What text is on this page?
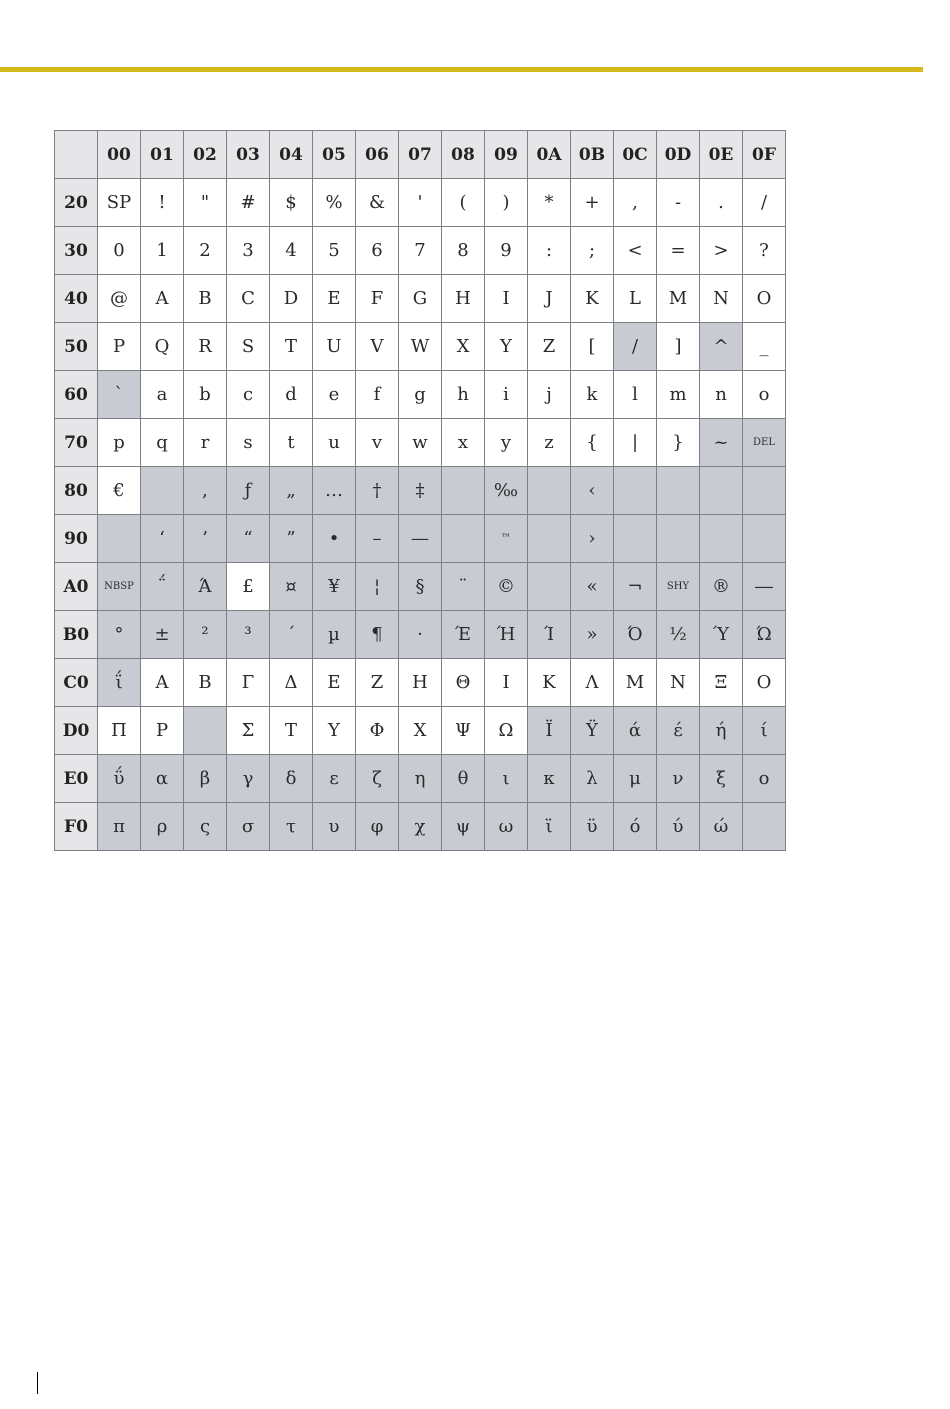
	00	01	02	03	04	05	06	07	08	09	0A	0B	0C	0D	0E	0F
20	SP	!	"	#	$	%	&	'	(	)	*	+	,	-	.	/
30	0	1	2	3	4	5	6	7	8	9	:	;	<	=	>	?
40	@	A	B	C	D	E	F	G	H	I	J	K	L	M	N	O
50	P	Q	R	S	T	U	V	W	X	Y	Z	[	/	]	^	_
60	`	a	b	c	d	e	f	g	h	i	j	k	l	m	n	o
70	p	q	r	s	t	u	v	w	x	y	z	{	|	}	~	DEL
80	€		,	ƒ	„	…	†	‡		‰		‹				
90		‘	’	“	”	•	–	—		™		›				
A0	NBSP	΅	Ά	£	¤	¥	¦	§	¨	©		«	¬	SHY	®	―
B0	°	±	²	³	΄	µ	¶	·	Έ	Ή	Ί	»	Ό	½	Ύ	Ώ
C0	ΐ	Α	Β	Γ	Δ	Ε	Ζ	Η	Θ	Ι	Κ	Λ	Μ	Ν	Ξ	Ο
D0	Π	Ρ		Σ	Τ	Υ	Φ	Χ	Ψ	Ω	Ϊ	Ϋ	ά	έ	ή	ί
E0	ΰ	α	β	γ	δ	ε	ζ	η	θ	ι	κ	λ	μ	ν	ξ	ο
F0	π	ρ	ς	σ	τ	υ	φ	χ	ψ	ω	ϊ	ϋ	ό	ύ	ώ	
